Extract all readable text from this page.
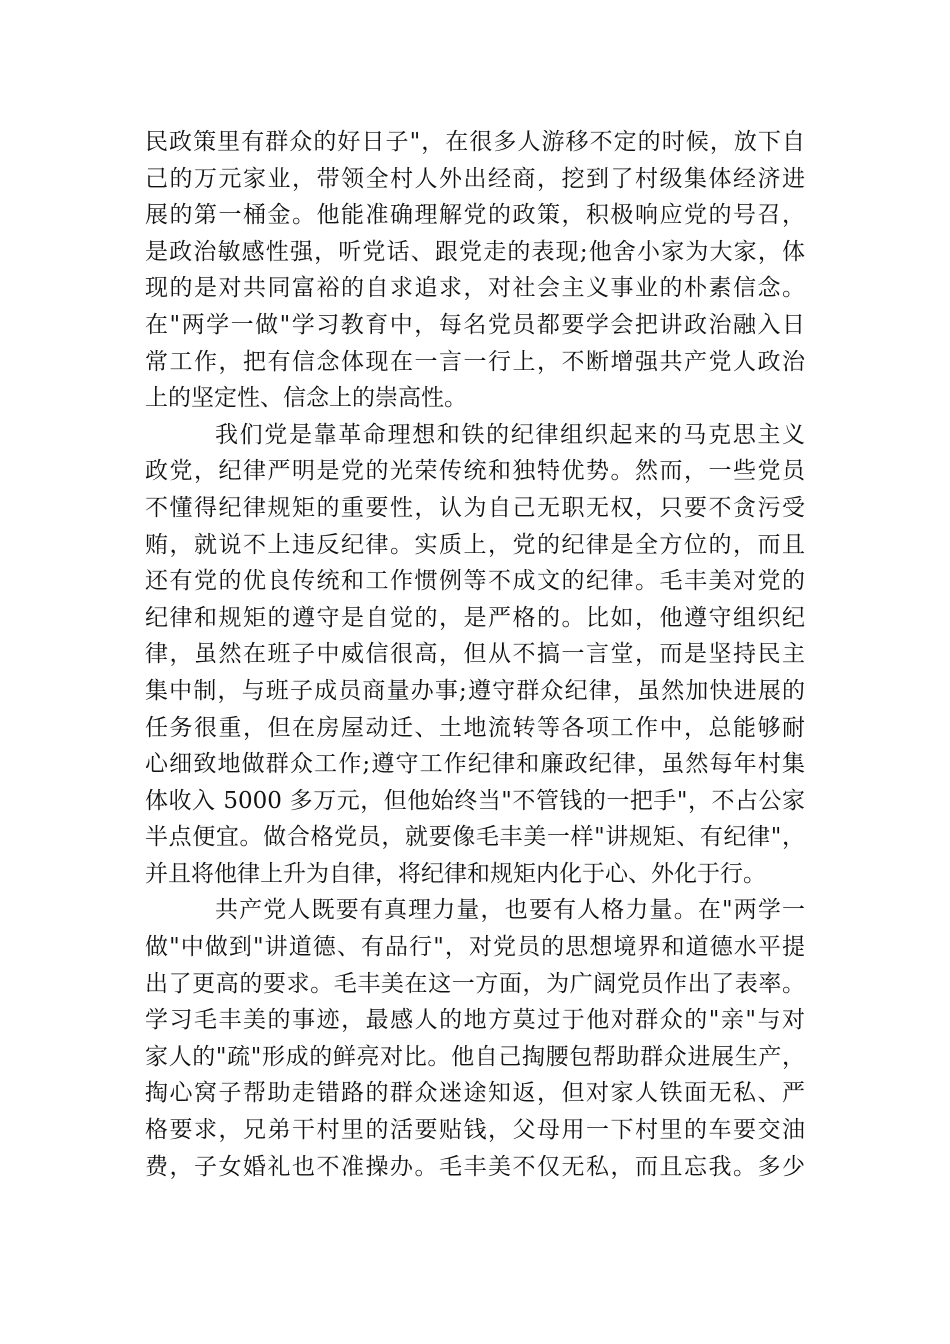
民政策里有群众的好日子"，在很多人游移不定的时候，放下自
己的万元家业，带领全村人外出经商，挖到了村级集体经济进
展的第一桶金。他能准确理解党的政策，积极响应党的号召，
是政治敏感性强，听党话、跟党走的表现;他舍小家为大家，体
现的是对共同富裕的自求追求，对社会主义事业的朴素信念。
在"两学一做"学习教育中，每名党员都要学会把讲政治融入日
常工作，把有信念体现在一言一行上，不断增强共产党人政治
上的坚定性、信念上的崇高性。
我们党是靠革命理想和铁的纪律组织起来的马克思主义
政党，纪律严明是党的光荣传统和独特优势。然而，一些党员
不懂得纪律规矩的重要性，认为自己无职无权，只要不贪污受
贿，就说不上违反纪律。实质上，党的纪律是全方位的，而且
还有党的优良传统和工作惯例等不成文的纪律。毛丰美对党的
纪律和规矩的遵守是自觉的，是严格的。比如，他遵守组织纪
律，虽然在班子中威信很高，但从不搞一言堂，而是坚持民主
集中制，与班子成员商量办事;遵守群众纪律，虽然加快进展的
任务很重，但在房屋动迁、土地流转等各项工作中，总能够耐
心细致地做群众工作;遵守工作纪律和廉政纪律，虽然每年村集
体收入 5000 多万元，但他始终当"不管钱的一把手"，不占公家
半点便宜。做合格党员，就要像毛丰美一样"讲规矩、有纪律"，
并且将他律上升为自律，将纪律和规矩内化于心、外化于行。
共产党人既要有真理力量，也要有人格力量。在"两学一
做"中做到"讲道德、有品行"，对党员的思想境界和道德水平提
出了更高的要求。毛丰美在这一方面，为广阔党员作出了表率。
学习毛丰美的事迹，最感人的地方莫过于他对群众的"亲"与对
家人的"疏"形成的鲜亮对比。他自己掏腰包帮助群众进展生产，
掏心窝子帮助走错路的群众迷途知返，但对家人铁面无私、严
格要求，兄弟干村里的活要贴钱，父母用一下村里的车要交油
费，子女婚礼也不准操办。毛丰美不仅无私，而且忘我。多少
